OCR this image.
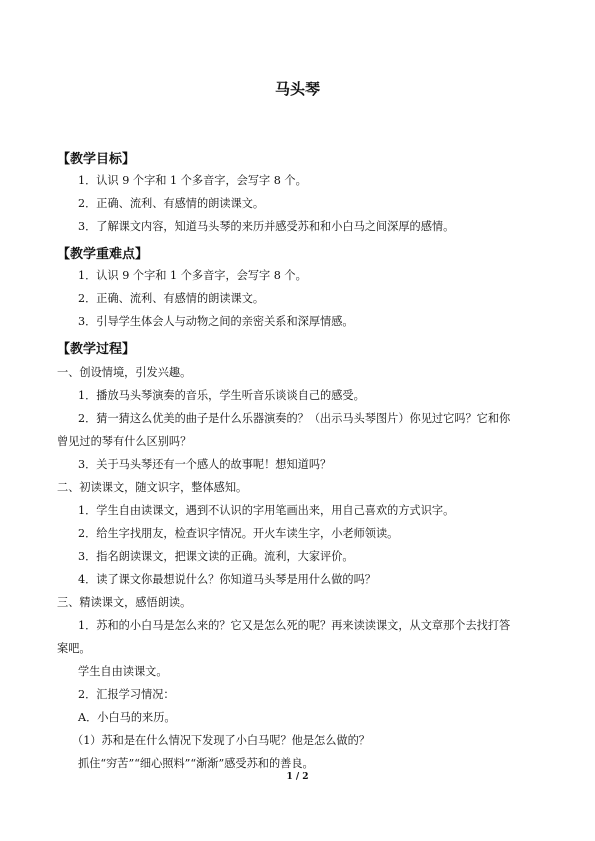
马头琴
【教学目标】
1．认识 9 个字和 1 个多音字，会写字 8 个。
2．正确、流利、有感情的朗读课文。
3．了解课文内容，知道马头琴的来历并感受苏和和小白马之间深厚的感情。
【教学重难点】
1．认识 9 个字和 1 个多音字，会写字 8 个。
2．正确、流利、有感情的朗读课文。
3．引导学生体会人与动物之间的亲密关系和深厚情感。
【教学过程】
一、创设情境，引发兴趣。
1．播放马头琴演奏的音乐，学生听音乐谈谈自己的感受。
2．猜一猜这么优美的曲子是什么乐器演奏的？（出示马头琴图片）你见过它吗？它和你
曾见过的琴有什么区别吗？
3．关于马头琴还有一个感人的故事呢！想知道吗？
二、初读课文，随文识字，整体感知。
1．学生自由读课文，遇到不认识的字用笔画出来，用自己喜欢的方式识字。
2．给生字找朋友，检查识字情况。开火车读生字，小老师领读。
3．指名朗读课文，把课文读的正确。流利，大家评价。
4．读了课文你最想说什么？你知道马头琴是用什么做的吗？
三、精读课文，感悟朗读。
1．苏和的小白马是怎么来的？它又是怎么死的呢？再来读读课文，从文章那个去找打答
案吧。
学生自由读课文。
2．汇报学习情况：
A．小白马的来历。
（1）苏和是在什么情况下发现了小白马呢？他是怎么做的？
抓住“穷苦”“细心照料”“渐渐”感受苏和的善良。
1 / 2
